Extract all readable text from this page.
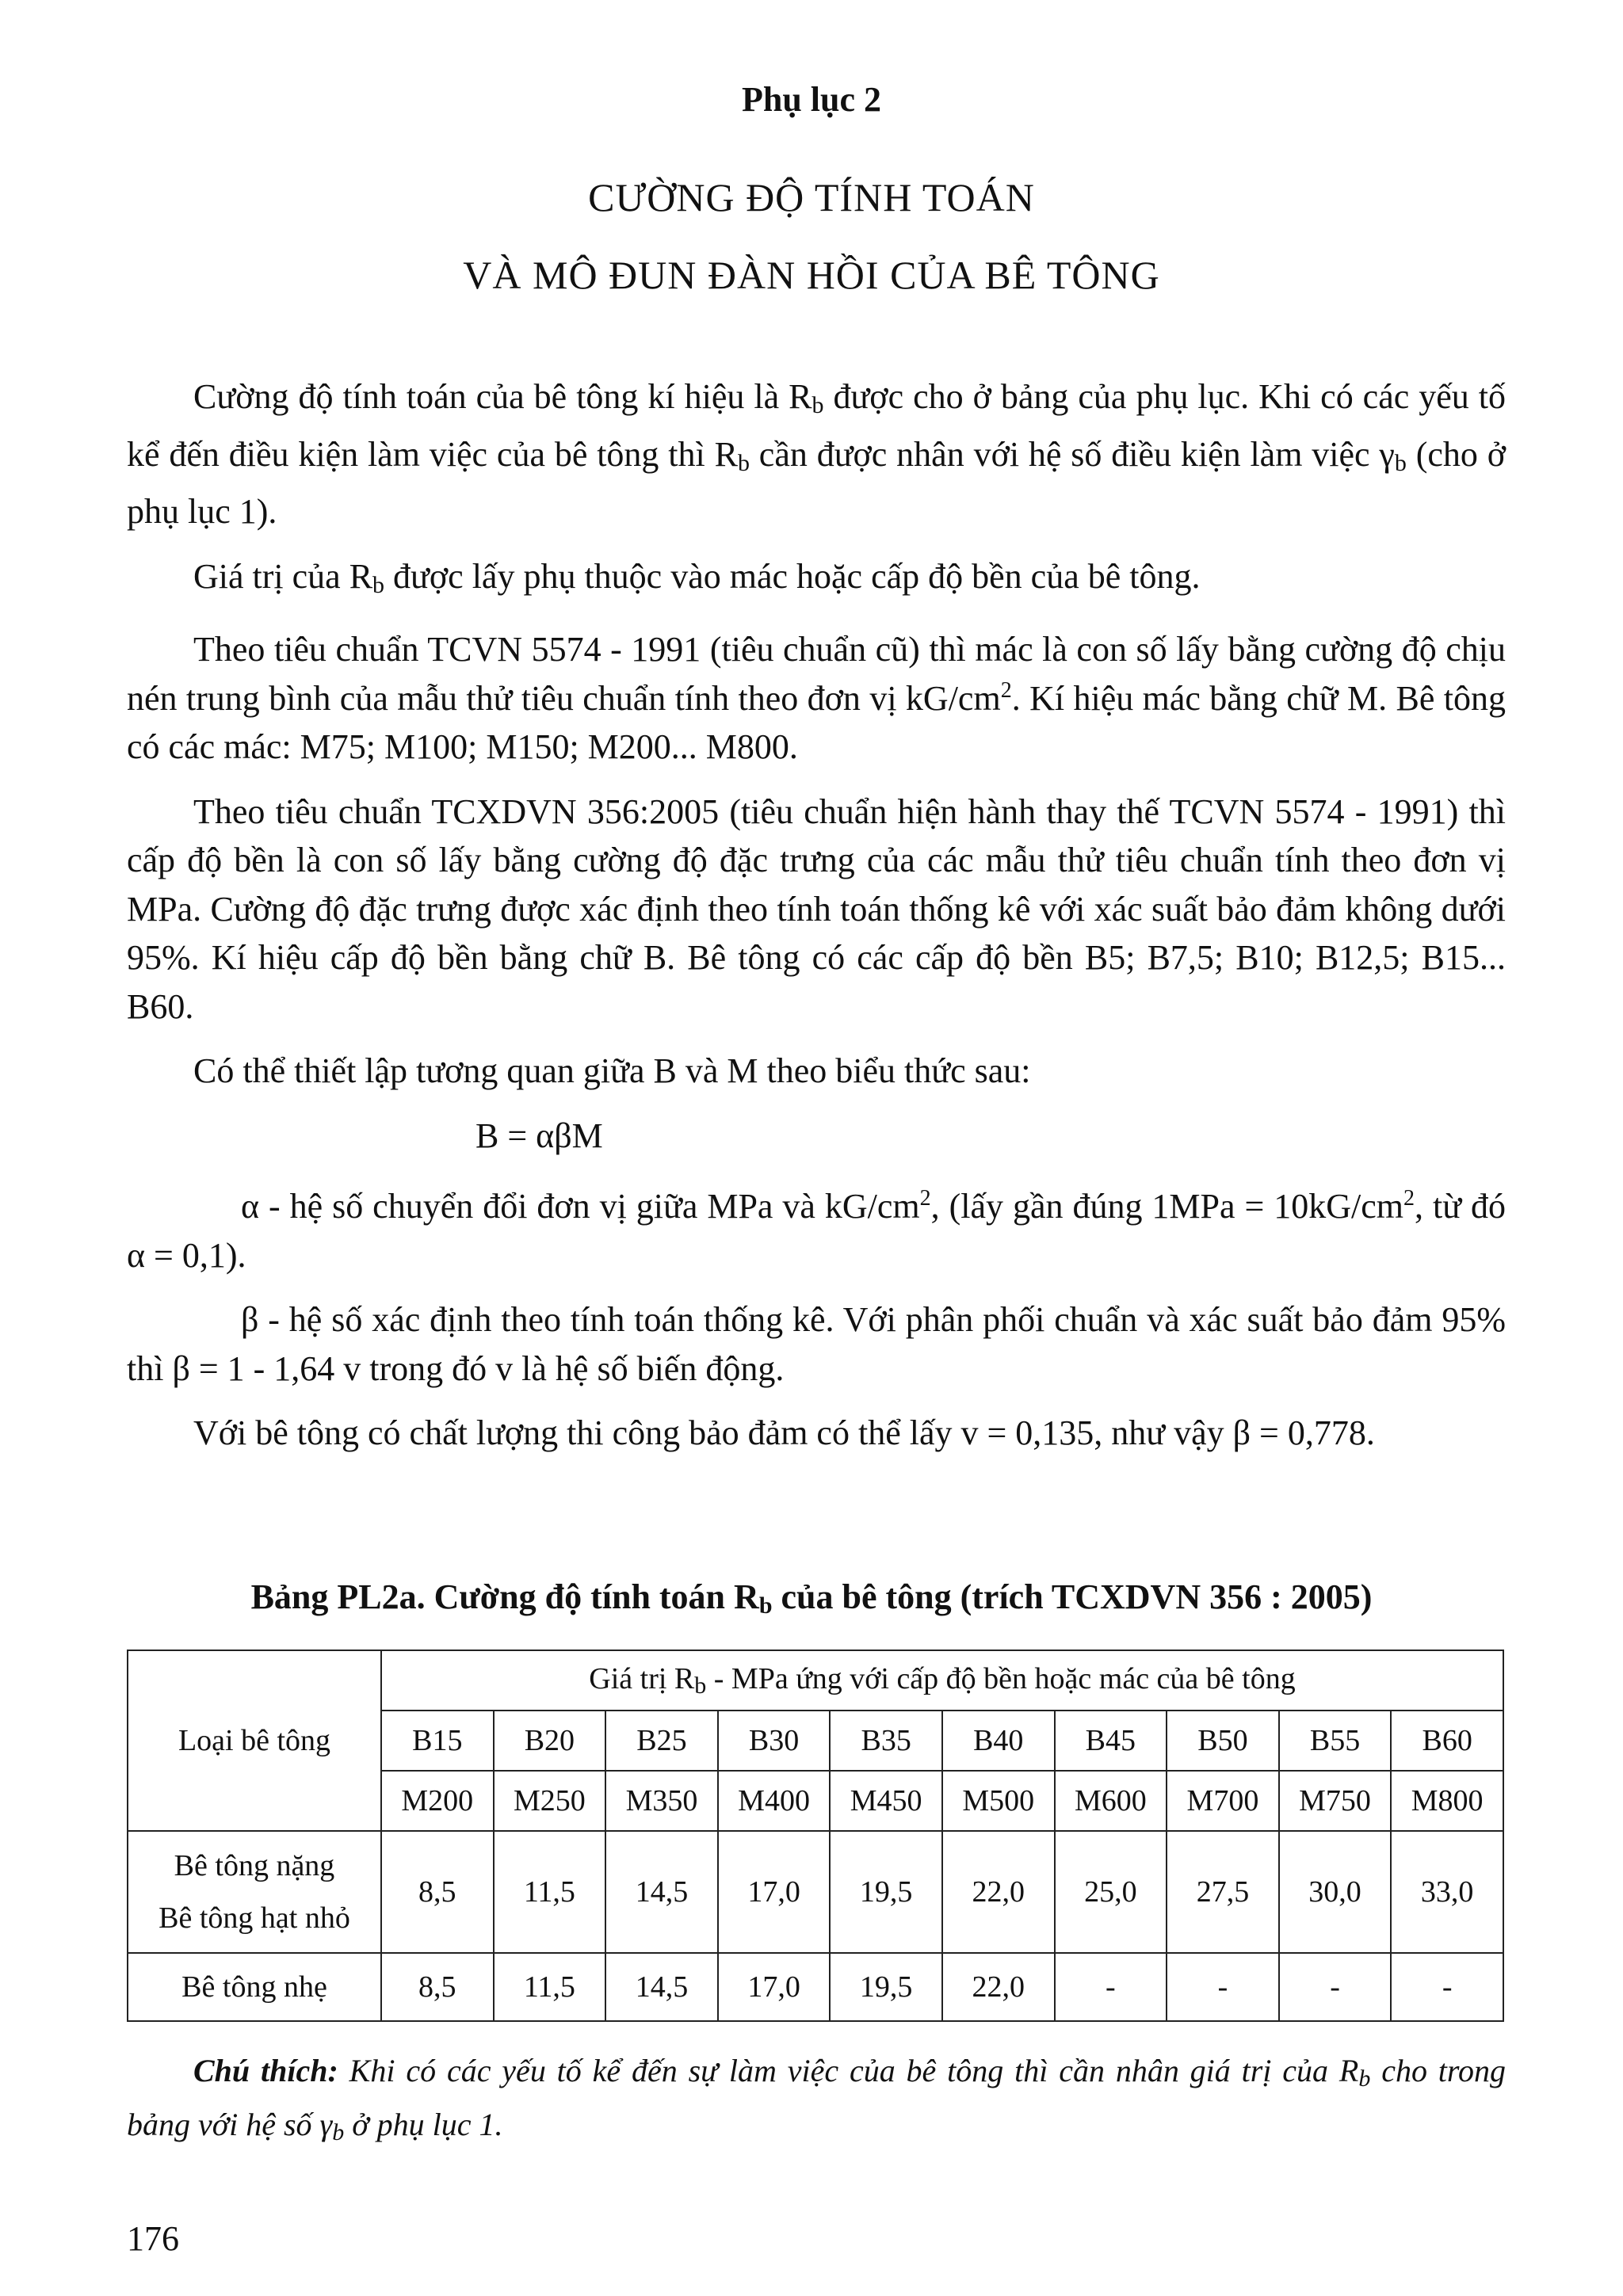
Phụ lục 2
CƯỜNG ĐỘ TÍNH TOÁN
VÀ MÔ ĐUN ĐÀN HỒI CỦA BÊ TÔNG

Cường độ tính toán của bê tông kí hiệu là $R_b$ được cho ở bảng của phụ lục. Khi có các yếu tố kể đến điều kiện làm việc của bê tông thì $R_b$ cần được nhân với hệ số điều kiện làm việc $\gamma_b$ (cho ở phụ lục 1).

Giá trị của $R_b$ được lấy phụ thuộc vào mác hoặc cấp độ bền của bê tông.

Theo tiêu chuẩn TCVN 5574 - 1991 (tiêu chuẩn cũ) thì mác là con số lấy bằng cường độ chịu nén trung bình của mẫu thử tiêu chuẩn tính theo đơn vị $kG/cm^2$. Kí hiệu mác bằng chữ M. Bê tông có các mác: M75; M100; M150; M200... M800.

Theo tiêu chuẩn TCXDVN 356:2005 (tiêu chuẩn hiện hành thay thế TCVN 5574 - 1991) thì cấp độ bền là con số lấy bằng cường độ đặc trưng của các mẫu thử tiêu chuẩn tính theo đơn vị MPa. Cường độ đặc trưng được xác định theo tính toán thống kê với xác suất bảo đảm không dưới 95%. Kí hiệu cấp độ bền bằng chữ B. Bê tông có các cấp độ bền B5; B7,5; B10; B12,5; B15... B60.

Có thể thiết lập tương quan giữa B và M theo biểu thức sau:

B = αβM

α - hệ số chuyển đổi đơn vị giữa MPa và $kG/cm^2$, (lấy gần đúng $1MPa = 10kG/cm^2$, từ đó α = 0,1).

β - hệ số xác định theo tính toán thống kê. Với phân phối chuẩn và xác suất bảo đảm 95% thì β = 1 - 1,64 v trong đó v là hệ số biến động.

Với bê tông có chất lượng thi công bảo đảm có thể lấy v = 0,135, như vậy β = 0,778.

Bảng PL2a. Cường độ tính toán $R_b$ của bê tông (trích TCXDVN 356 : 2005)
Loại bê tông	Giá trị $R_b$ - MPa ứng với cấp độ bền hoặc mác của bê tông									
	B15	B20	B25	B30	B35	B40	B45	B50	B55	B60
	M200	M250	M350	M400	M450	M500	M600	M700	M750	M800

Bê tông nặng
Bê tông hạt nhỏ	8,5	11,5	14,5	17,0	19,5	22,0	25,0	27,5	30,0	33,0
Bê tông nhẹ	8,5	11,5	14,5	17,0	19,5	22,0	-	-	-	-
Chú thích: Khi có các yếu tố kể đến sự làm việc của bê tông thì cần nhân giá trị của $R_b$ cho trong bảng với hệ số $\gamma_b$ ở phụ lục 1.
176
